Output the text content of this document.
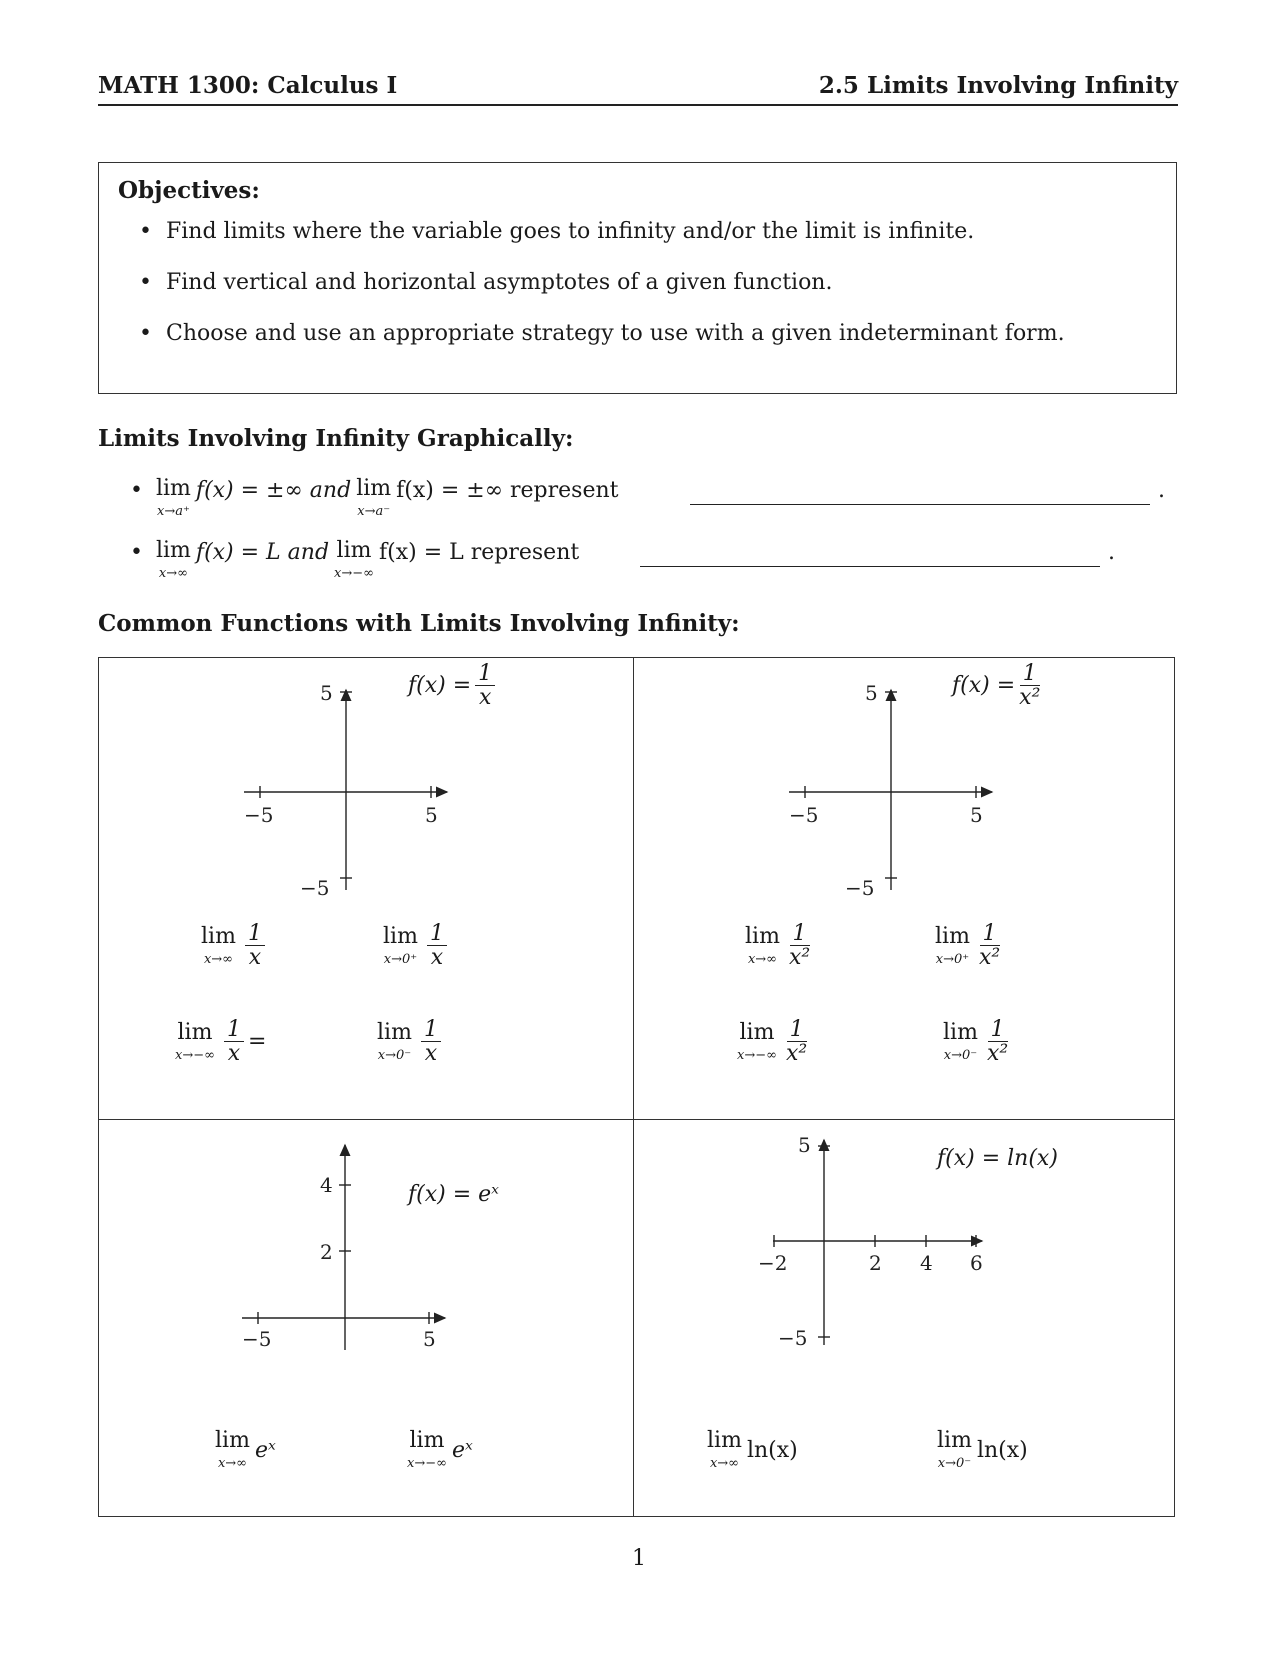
MATH 1300: Calculus I	2.5 Limits Involving Infinity
Objectives:
• Find limits where the variable goes to infinity and/or the limit is infinite.
• Find vertical and horizontal asymptotes of a given function.
• Choose and use an appropriate strategy to use with a given indeterminant form.
Limits Involving Infinity Graphically:
• lim
x→a⁺
f(x) = ±∞ and lim
x→a⁻
f(x) = ±∞ represent	.
• lim
x→∞
f(x) = L and lim
x→−∞
f(x) = L represent	.
Common Functions with Limits Involving Infinity:
−5	5
5
−5
−5	5
5
−5
−5	5
4
2	−2	2 4 6
5
−5
$f(x) = \frac{1}{x}$
lim
$x\to\infty \frac{1}{x}$	lim
$x\to 0^+ \frac{1}{x}$
lim
$x\to-\infty \frac{1}{x}$ =	lim
$x\to 0^- \frac{1}{x}$
$f(x) = \frac{1}{\text{x²}}$
lim
$x\to\infty \frac{1}{\text{x²}}$	lim
$x\to 0^+ \frac{1}{\text{x²}}$
lim
$x\to-\infty \frac{1}{\text{x²}}$	lim
$x\to 0^- \frac{1}{\text{x²}}$
f(x) = eˣ
lim
x→∞
eˣ	lim
x→−∞
eˣ
f(x) = ln(x)
lim
x→∞
ln(x)	lim
x→0⁻
ln(x)
1
